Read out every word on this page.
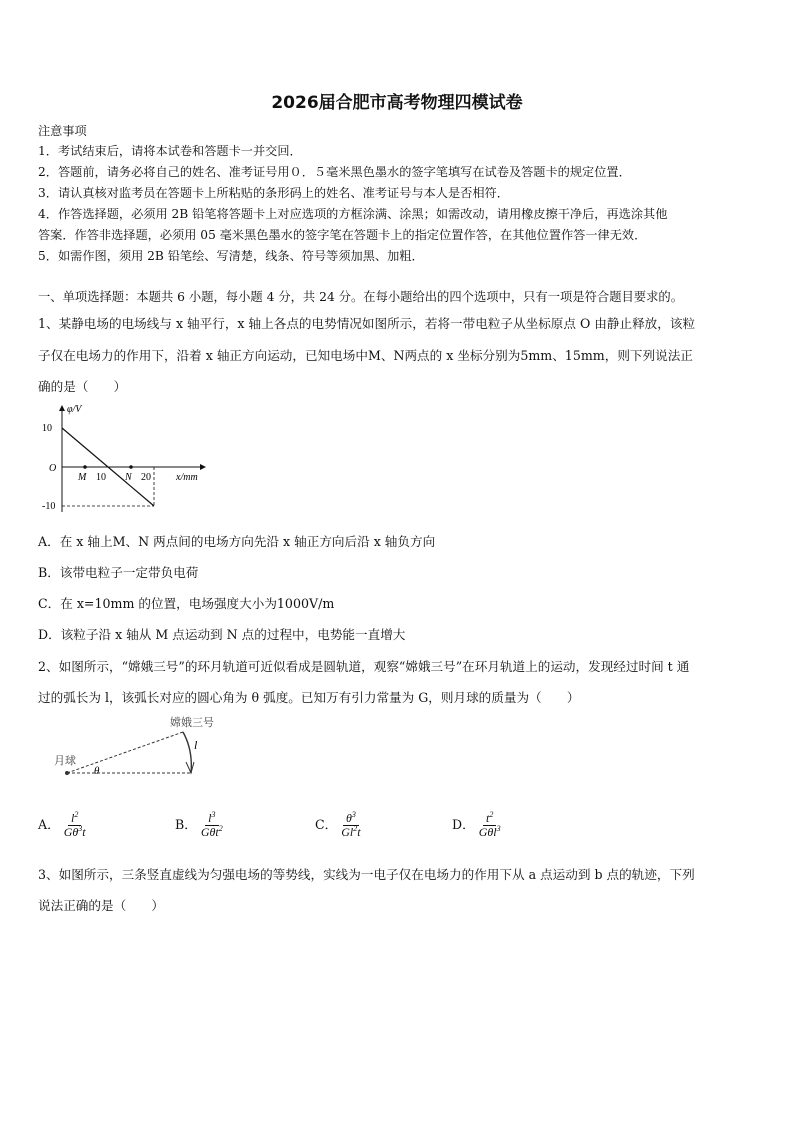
2026届合肥市高考物理四模试卷
注意事项
1．考试结束后，请将本试卷和答题卡一并交回．
2．答题前，请务必将自己的姓名、准考证号用０．５毫米黑色墨水的签字笔填写在试卷及答题卡的规定位置．
3．请认真核对监考员在答题卡上所粘贴的条形码上的姓名、准考证号与本人是否相符．
4．作答选择题，必须用 2B 铅笔将答题卡上对应选项的方框涂满、涂黑；如需改动，请用橡皮擦干净后，再选涂其他
答案．作答非选择题，必须用 05 毫米黑色墨水的签字笔在答题卡上的指定位置作答，在其他位置作答一律无效．
5．如需作图，须用 2B 铅笔绘、写清楚，线条、符号等须加黑、加粗．
一、单项选择题：本题共 6 小题，每小题 4 分，共 24 分。在每小题给出的四个选项中，只有一项是符合题目要求的。
1、某静电场的电场线与 x 轴平行，x 轴上各点的电势情况如图所示，若将一带电粒子从坐标原点 O 由静止释放，该粒
子仅在电场力的作用下，沿着 x 轴正方向运动，已知电场中M、N两点的 x 坐标分别为5mm、15mm，则下列说法正
确的是（　　）
φ/V
10
-10
O
M 10 N 20	x/mm
A．在 x 轴上M、N 两点间的电场方向先沿 x 轴正方向后沿 x 轴负方向
B．该带电粒子一定带负电荷
C．在 x=10mm 的位置，电场强度大小为1000V/m
D．该粒子沿 x 轴从 M 点运动到 N 点的过程中，电势能一直增大
2、如图所示，“嫦娥三号”的环月轨道可近似看成是圆轨道，观察“嫦娥三号”在环月轨道上的运动，发现经过时间 t 通
过的弧长为 l，该弧长对应的圆心角为 θ 弧度。已知万有引力常量为 G，则月球的质量为（　　）
月球
嫦娥三号
l
θ
A． $\frac{l^2}{G\theta^3t}$	B． $\frac{l^3}{G\theta t^2}$	C． $\frac{\theta^3}{Gl^2t}$	D． $\frac{t^2}{G\theta l^3}$
3、如图所示，三条竖直虚线为匀强电场的等势线，实线为一电子仅在电场力的作用下从 a 点运动到 b 点的轨迹，下列
说法正确的是（　　）
